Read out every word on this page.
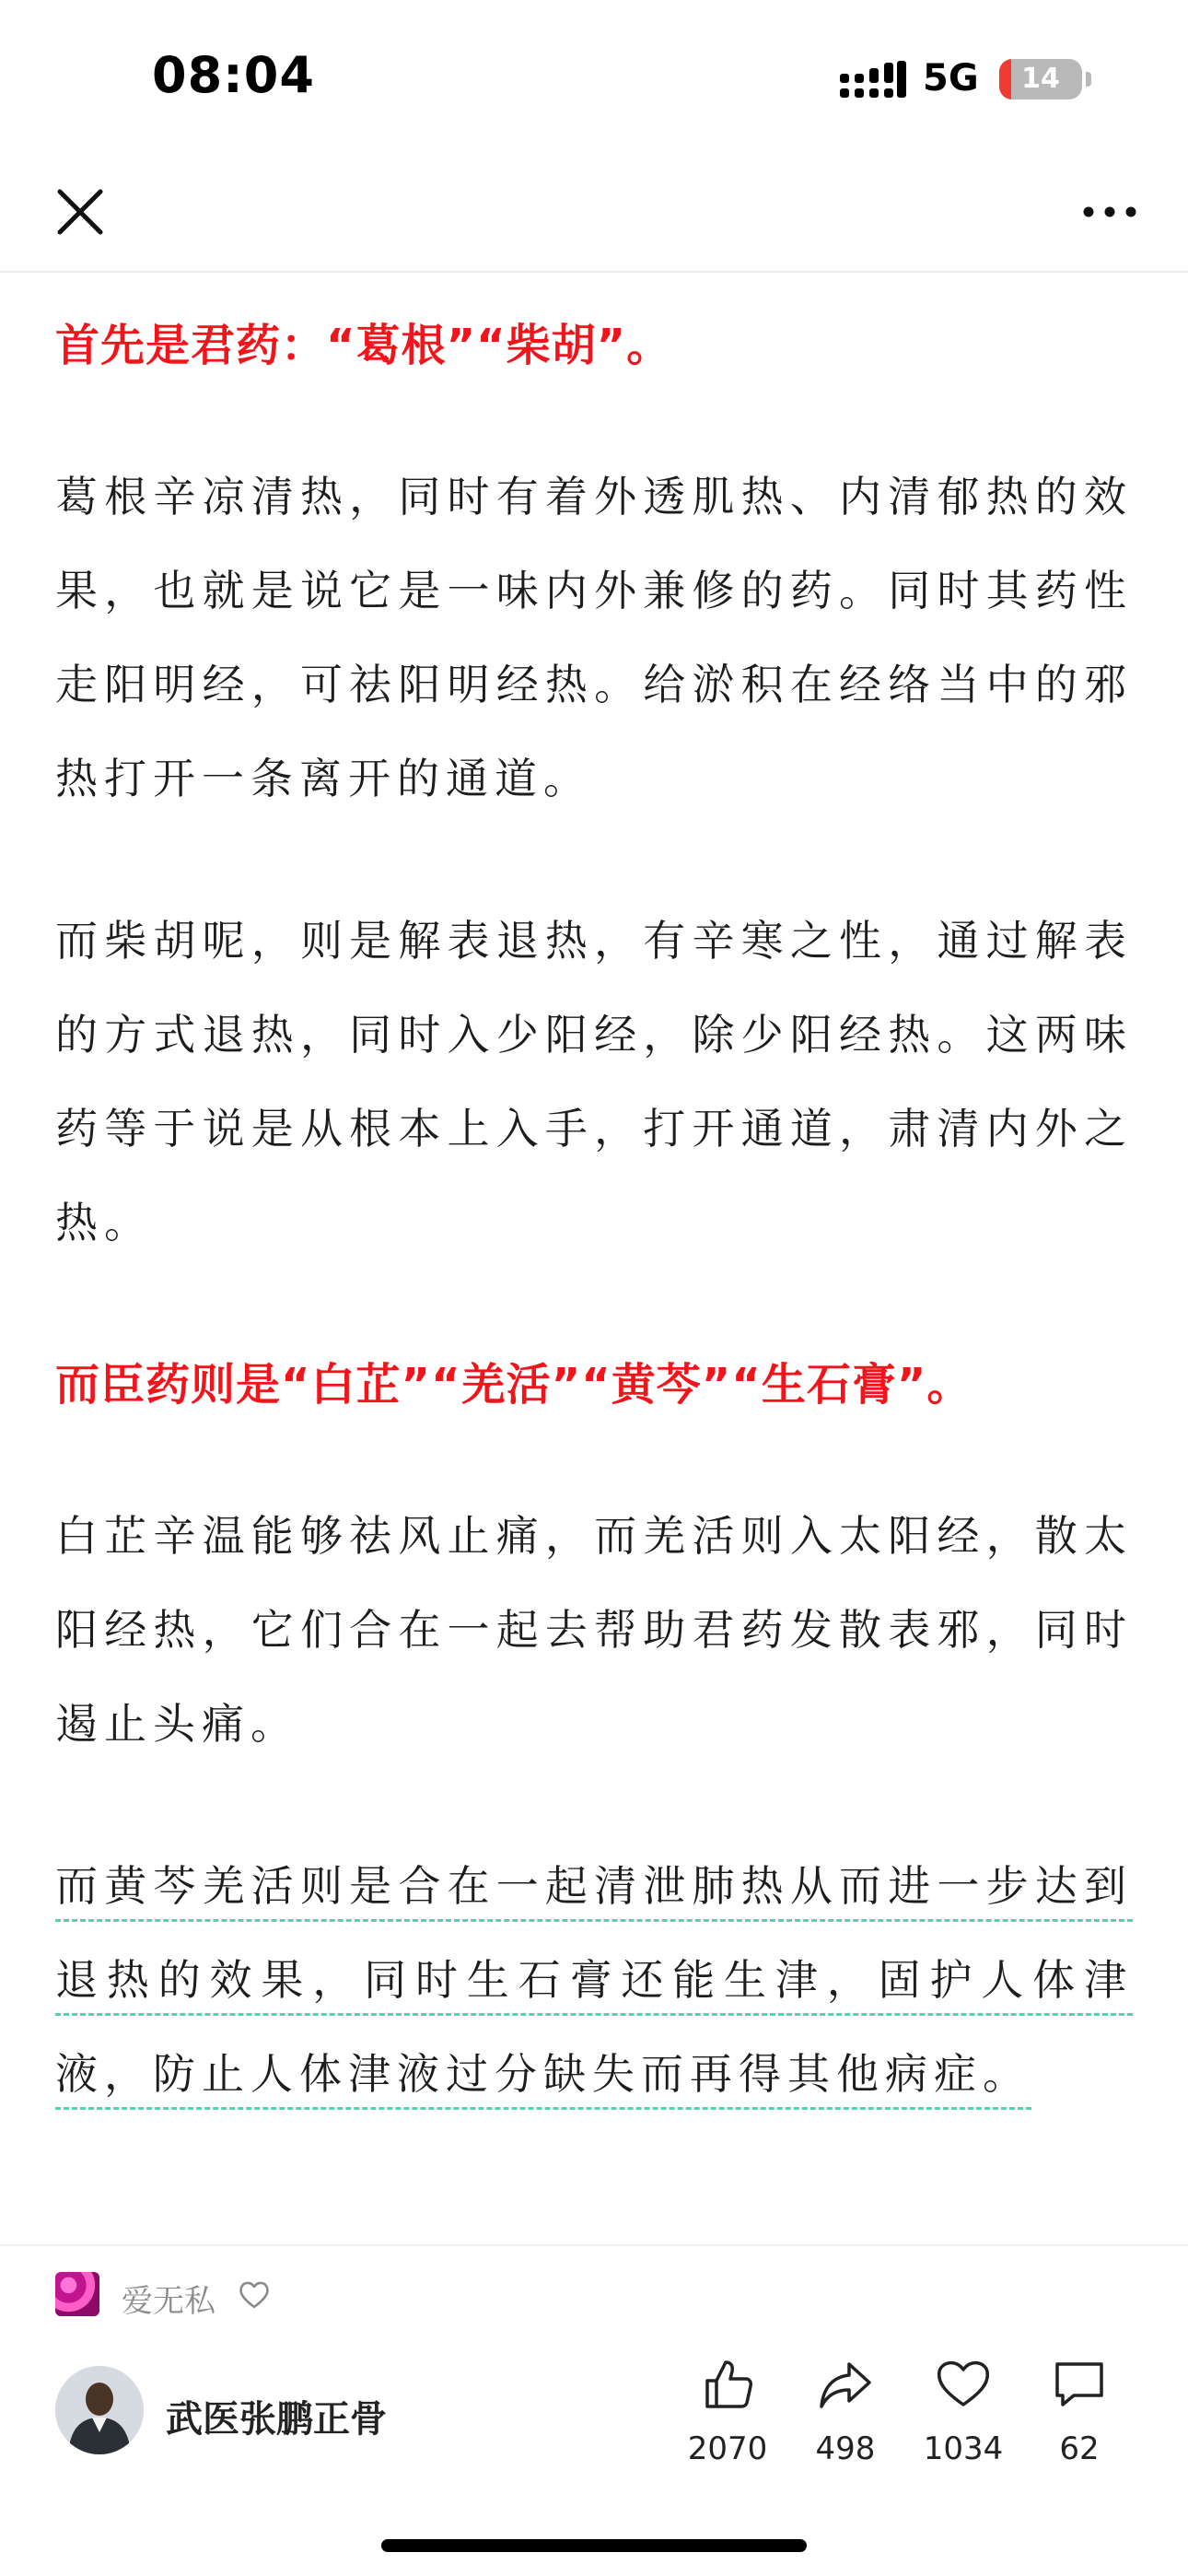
08:04	5G	14
首先是君药：“葛根”“柴胡”。
葛根辛凉清热，同时有着外透肌热、内清郁热的效果，也就是说它是一味内外兼修的药。同时其药性走阳明经，可祛阳明经热。给淤积在经络当中的邪热打开一条离开的通道。
而柴胡呢，则是解表退热，有辛寒之性，通过解表的方式退热，同时入少阳经，除少阳经热。这两味药等于说是从根本上入手，打开通道，肃清内外之热。
而臣药则是“白芷”“羌活”“黄芩”“生石膏”。
白芷辛温能够祛风止痛，而羌活则入太阳经，散太阳经热，它们合在一起去帮助君药发散表邪，同时遏止头痛。
而黄芩羌活则是合在一起清泄肺热从而进一步达到退热的效果，同时生石膏还能生津，固护人体津液，防止人体津液过分缺失而再得其他病症。
爱无私
武医张鹏正骨
2070	498	1034	62
